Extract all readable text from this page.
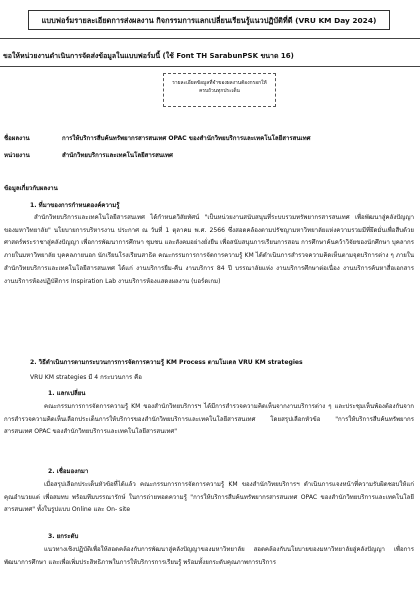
แบบฟอร์มรายละเอียดการส่งผลงาน กิจกรรมการแลกเปลี่ยนเรียนรู้แนวปฏิบัติที่ดี (VRU KM Day 2024)
ขอให้หน่วยงานดำเนินการจัดส่งข้อมูลในแบบฟอร์มนี้ (ใช้ Font TH SarabunPSK ขนาด 16)
รายละเอียดข้อมูลที่จำของผลงานต้องกรอกให้
ครบถ้วนทุกประเด็น
ชื่อผลงาน	การให้บริการสืบค้นทรัพยากรสารสนเทศ OPAC ของสำนักวิทยบริการและเทคโนโลยีสารสนเทศ
หน่วยงาน	สำนักวิทยบริการและเทคโนโลยีสารสนเทศ
ข้อมูลเกี่ยวกับผลงาน
1. ที่มาของการกำหนดองค์ความรู้

สำนักวิทยบริการและเทคโนโลยีสารสนเทศ ได้กำหนดวิสัยทัศน์ "เป็นหน่วยงานสนับสนุนที่ระบบรวมทรัพยากรสารสนเทศ เพื่อพัฒนาสู่คลังปัญญาของมหาวิทยาลัย" นโยบายการบริหารงาน ประกาศ ณ วันที่ 1 ตุลาคม พ.ศ. 2566 ซึ่งสอดคล้องตามปรัชญามหาวิทยาลัยแห่งความรวมมีที่ยึดมั่นเพื่อสืบด้วยศาสตร์พระราชาสู่คลังปัญญา เพื่อการพัฒนาการศึกษา ชุมชน และสังคมอย่างยั่งยืน เพื่อสนับสนุนการเรียนการสอน การศึกษาค้นคว้าวิจัยของนักศึกษา บุคลากรภายในมหาวิทยาลัย บุคคลภายนอก นักเรียนโรงเรียนสาธิต คณะกรรมการการจัดการความรู้ KM ได้ดำเนินการสำรวจความคิดเห็นตามจุดบริการต่าง ๆ ภายในสำนักวิทยบริการและเทคโนโลยีสารสนเทศ ได้แก่ งานบริการยืม-คืน งานบริการ 84 ปี บรรณาลัยแห่ง งานบริการศึกษาต่อเนื่อง งานบริการค้นหาสื่อเอกสาร งานบริการห้องปฏิบัติการ Inspiration Lab งานบริการห้องแสดงผลงาน (บอร์ดเกม)

2. วิธีดำเนินการตามกระบวนการการจัดการความรู้ KM Process ตามโมเดล VRU KM strategies
VRU KM strategies มี 4 กระบวนการ คือ
1. แลกเปลี่ยน

คณะกรรมการการจัดการความรู้ KM ของสำนักวิทยบริการฯ ได้มีการสำรวจความคิดเห็นจากงานบริการต่าง ๆ และประชุมเห็นพ้องต้องกันจากการสำรวจความคิดเห็นเลือกประเด็นการให้บริการของสำนักวิทยบริการและเทคโนโลยีสารสนเทศ โดยสรุปเลือกหัวข้อ "การให้บริการสืบค้นทรัพยากรสารสนเทศ OPAC ของสำนักวิทยบริการและเทคโนโลยีสารสนเทศ"

2. เชื่อมองกมา

เมื่อสรุปเลือกประเด็นหัวข้อที่ได้แล้ว คณะกรรมการการจัดการความรู้ KM ของสำนักวิทยบริการฯ ดำเนินการแจงหน้าที่ความรับผิดชอบให้แก่ คุณอำนวยแต่ เพื่อสมทบ พร้อมทีมบรรณารักษ์ ในการถ่ายทอดความรู้ "การให้บริการสืบค้นทรัพยากรสารสนเทศ OPAC ของสำนักวิทยบริการและเทคโนโลยีสารสนเทศ" ทั้งในรูปแบบ Online และ On- site

3. ยกระดับ

แนวทางเชิงปฏิบัติเพื่อให้สอดคล้องกับการพัฒนาสู่คลังปัญญาของมหาวิทยาลัย สอดคล้องกับนโยบายของมหาวิทยาลัยสู่คลังปัญญา เพื่อการพัฒนาการศึกษา และเพื่อเพิ่มประสิทธิภาพในการให้บริการการเรียนรู้ พร้อมทั้งยกระดับคุณภาพการบริการ
